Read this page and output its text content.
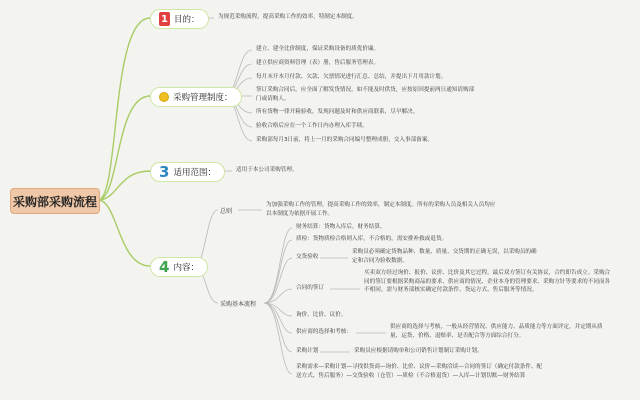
采购部采购流程
1 目的：	为规范采购流程，提高采购工作的效率，特制定本制度。
采购管理制度：
建立、建全比价制度，保证采购设备的质优价廉。
建立供应商资料管理（表）册，售后服务管理表。
每月末开本月付款、欠款、欠票情况进行汇总、总结，并提出下月用款计划。
签订采购合同后，应全面了解发货情况，如不能及时供货，应按原因提前两日通知请购部门或请购人。
所有货物一律开箱验收，发现问题及时和供应商联系，尽早解决。
验收合格后应在一个工作日内办理入库手续。
采购部每月3日前，将上一月的采购合同编号整理成册，交入事部备案。
3 适用范围：	适用于本公司采购管理。
4 内容：
总则
为加强采购工作的管理，提高采购工作的效率，制定本制度。所有的采购人员及相关人员均应以本制度为依据开展工作。
采购基本流程
财务结算：货物入库后，财务结算。
质检：货物质检合格则入库，不合格的，需安排补救或退货。
交货验收
采购员必须确定货物品种、数量、质量、交货期的正确无误，以采购员的确定和合同为验收数据。
合同的签订
买卖双方经过询价、报价、议价、比价及其它过程，最后双方签订有关协议，合约即告成立。采购合同的签订要根据采购商品的要求、供应商的情况、企业本身的管理要求、采购方针等要求的不同而各不相同。需与财务部核实确定付款条件、货运方式、售后服务等情况。
询价、比价、议价。
供应商的选择和考核：
供应商的选择与考核，一般从经营情况、供应能力、品质能力等方面评定，并定期从质量、运货、价格、退赔率、是否配合等方面综合打分。
采购计划	采购员应根据请购单和公司销售计划制订采购计划。
采购需求—采购计划—寻找供货商—询价、比价、议价—采购洽谈—合同的签订（确定付款条件、配送方式、售后服务）—交货验收（仓管）—质检（不合格退货）—入库—计划切账—财务结算
